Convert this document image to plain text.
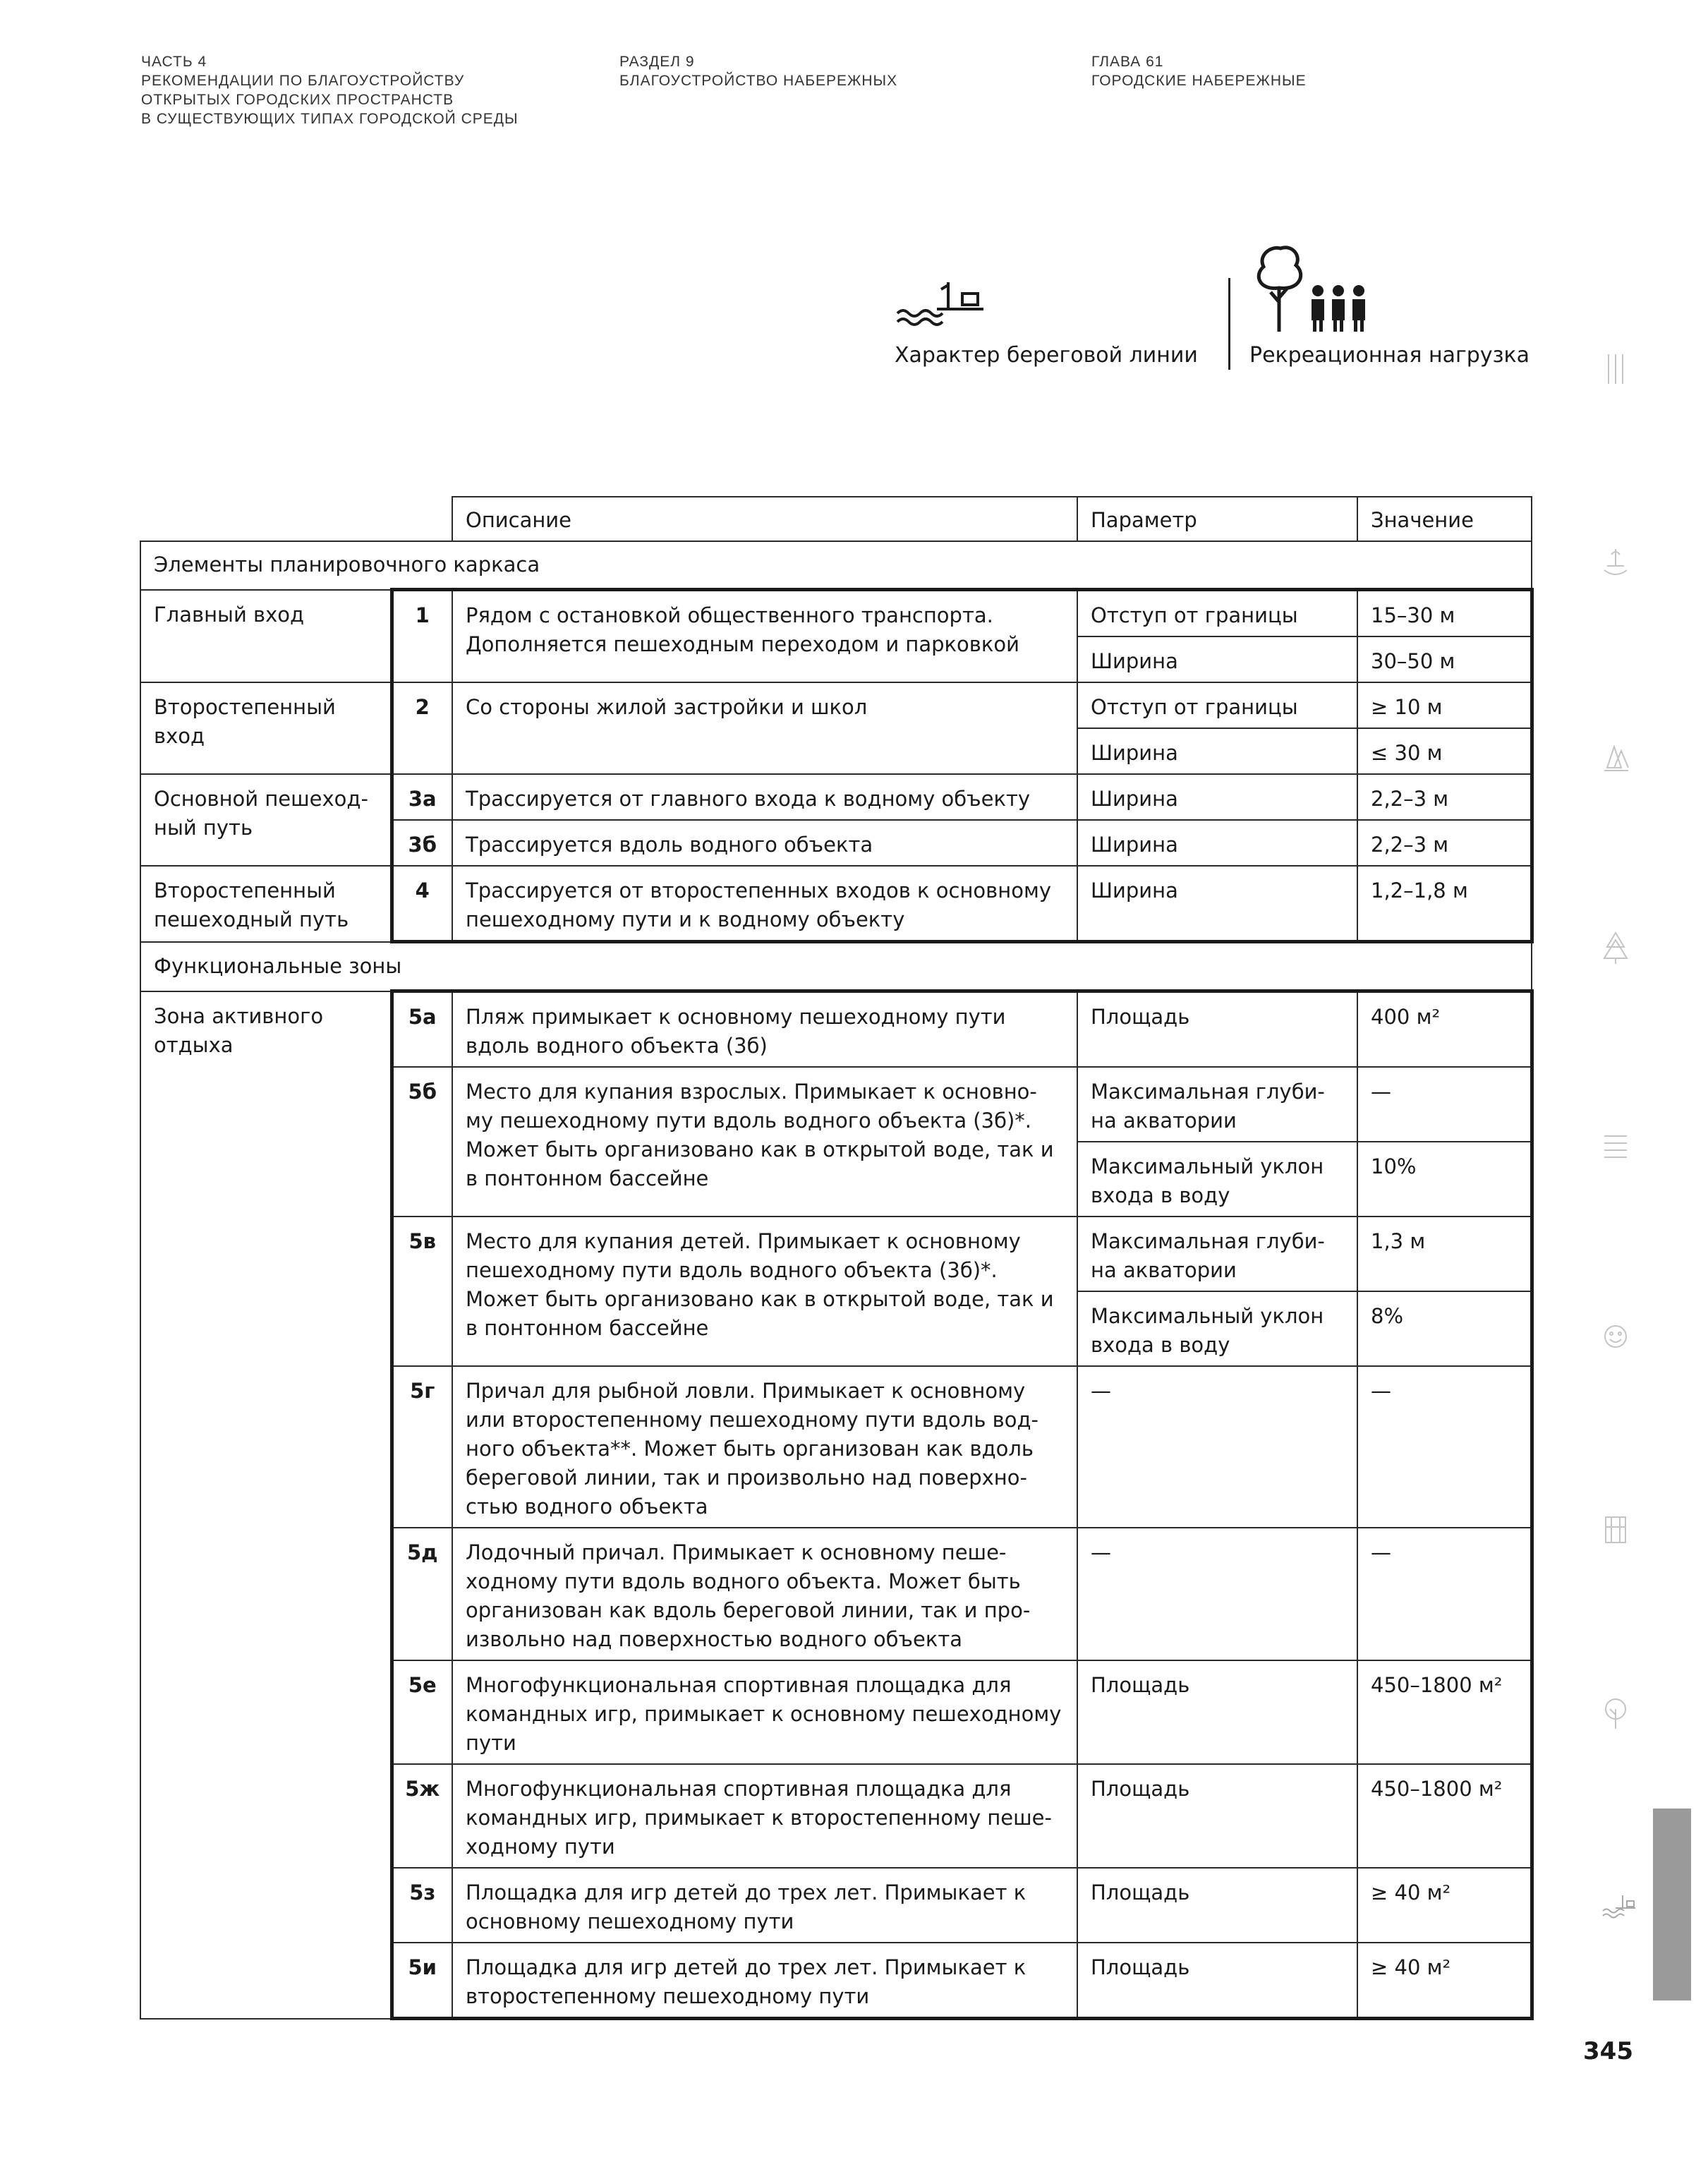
ЧАСТЬ 4
РЕКОМЕНДАЦИИ ПО БЛАГОУСТРОЙСТВУ
ОТКРЫТЫХ ГОРОДСКИХ ПРОСТРАНСТВ
В СУЩЕСТВУЮЩИХ ТИПАХ ГОРОДСКОЙ СРЕДЫ
РАЗДЕЛ 9
БЛАГОУСТРОЙСТВО НАБЕРЕЖНЫХ
ГЛАВА 61
ГОРОДСКИЕ НАБЕРЕЖНЫЕ
Характер береговой линии Рекреационная нагрузка
		Описание	Параметр	Значение
Элементы планировочного каркаса				
Главный вход	1	Рядом с остановкой общественного транспорта. Дополняется пешеходным переходом и парковкой	Отступ от границы	15–30 м
			Ширина	30–50 м
Второстепенный вход	2	Со стороны жилой застройки и школ	Отступ от границы	≥ 10 м
			Ширина	≤ 30 м
Основной пешеход-ный путь	3а	Трассируется от главного входа к водному объекту	Ширина	2,2–3 м
	3б	Трассируется вдоль водного объекта	Ширина	2,2–3 м
Второстепенный пешеходный путь	4	Трассируется от второстепенных входов к основному пешеходному пути и к водному объекту	Ширина	1,2–1,8 м
Функциональные зоны				
Зона активного отдыха	5а	Пляж примыкает к основному пешеходному пути вдоль водного объекта (3б)	Площадь	400 м²
	5б	Место для купания взрослых. Примыкает к основно-му пешеходному пути вдоль водного объекта (3б)*. Может быть организовано как в открытой воде, так и в понтонном бассейне	Максимальная глуби-на акватории	—
			Максимальный уклон входа в воду	10%
	5в	Место для купания детей. Примыкает к основному пешеходному пути вдоль водного объекта (3б)*. Может быть организовано как в открытой воде, так и в понтонном бассейне	Максимальная глуби-на акватории	1,3 м
			Максимальный уклон входа в воду	8%
	5г	Причал для рыбной ловли. Примыкает к основному или второстепенному пешеходному пути вдоль вод-ного объекта**. Может быть организован как вдоль береговой линии, так и произвольно над поверхно-стью водного объекта	—	—
	5д	Лодочный причал. Примыкает к основному пеше-ходному пути вдоль водного объекта. Может быть организован как вдоль береговой линии, так и про-извольно над поверхностью водного объекта	—	—
	5е	Многофункциональная спортивная площадка для командных игр, примыкает к основному пешеходному пути	Площадь	450–1800 м²
	5ж	Многофункциональная спортивная площадка для командных игр, примыкает к второстепенному пеше-ходному пути	Площадь	450–1800 м²
	5з	Площадка для игр детей до трех лет. Примыкает к основному пешеходному пути	Площадь	≥ 40 м²
	5и	Площадка для игр детей до трех лет. Примыкает к второстепенному пешеходному пути	Площадь	≥ 40 м²
345
